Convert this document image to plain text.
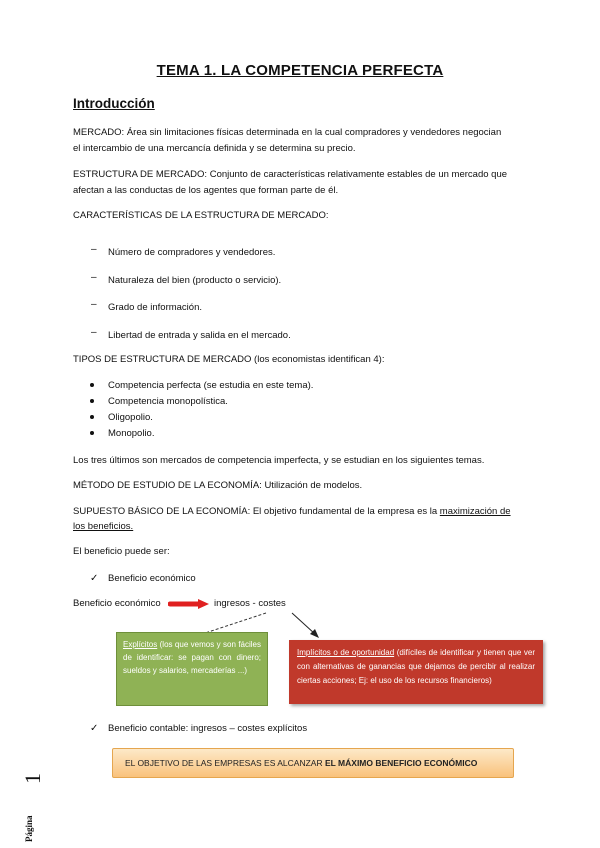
TEMA 1. LA COMPETENCIA PERFECTA
Introducción
MERCADO: Área sin limitaciones físicas determinada en la cual compradores y vendedores negocian
el intercambio de una mercancía definida y se determina su precio.
ESTRUCTURA DE MERCADO: Conjunto de características relativamente estables de un mercado que
afectan a las conductas de los agentes que forman parte de él.
CARACTERÍSTICAS DE LA ESTRUCTURA DE MERCADO:
– Número de compradores y vendedores.
– Naturaleza del bien (producto o servicio).
– Grado de información.
– Libertad de entrada y salida en el mercado.
TIPOS DE ESTRUCTURA DE MERCADO (los economistas identifican 4):
Competencia perfecta (se estudia en este tema).
Competencia monopolística.
Oligopolio.
Monopolio.
Los tres últimos son mercados de competencia imperfecta, y se estudian en los siguientes temas.
MÉTODO DE ESTUDIO DE LA ECONOMÍA: Utilización de modelos.
SUPUESTO BÁSICO DE LA ECONOMÍA: El objetivo fundamental de la empresa es la maximización de
los beneficios.
El beneficio puede ser:
✓ Beneficio económico
Beneficio económico	ingresos - costes
Explícitos (los que vemos y son fáciles de identificar: se pagan con dinero; sueldos y salarios, mercaderías ...)
Implícitos o de oportunidad (difíciles de identificar y tienen que ver con alternativas de ganancias que dejamos de percibir al realizar ciertas acciones; Ej: el uso de los recursos financieros)
✓ Beneficio contable: ingresos – costes explícitos
EL OBJETIVO DE LAS EMPRESAS ES ALCANZAR EL MÁXIMO BENEFICIO ECONÓMICO
Página
1
